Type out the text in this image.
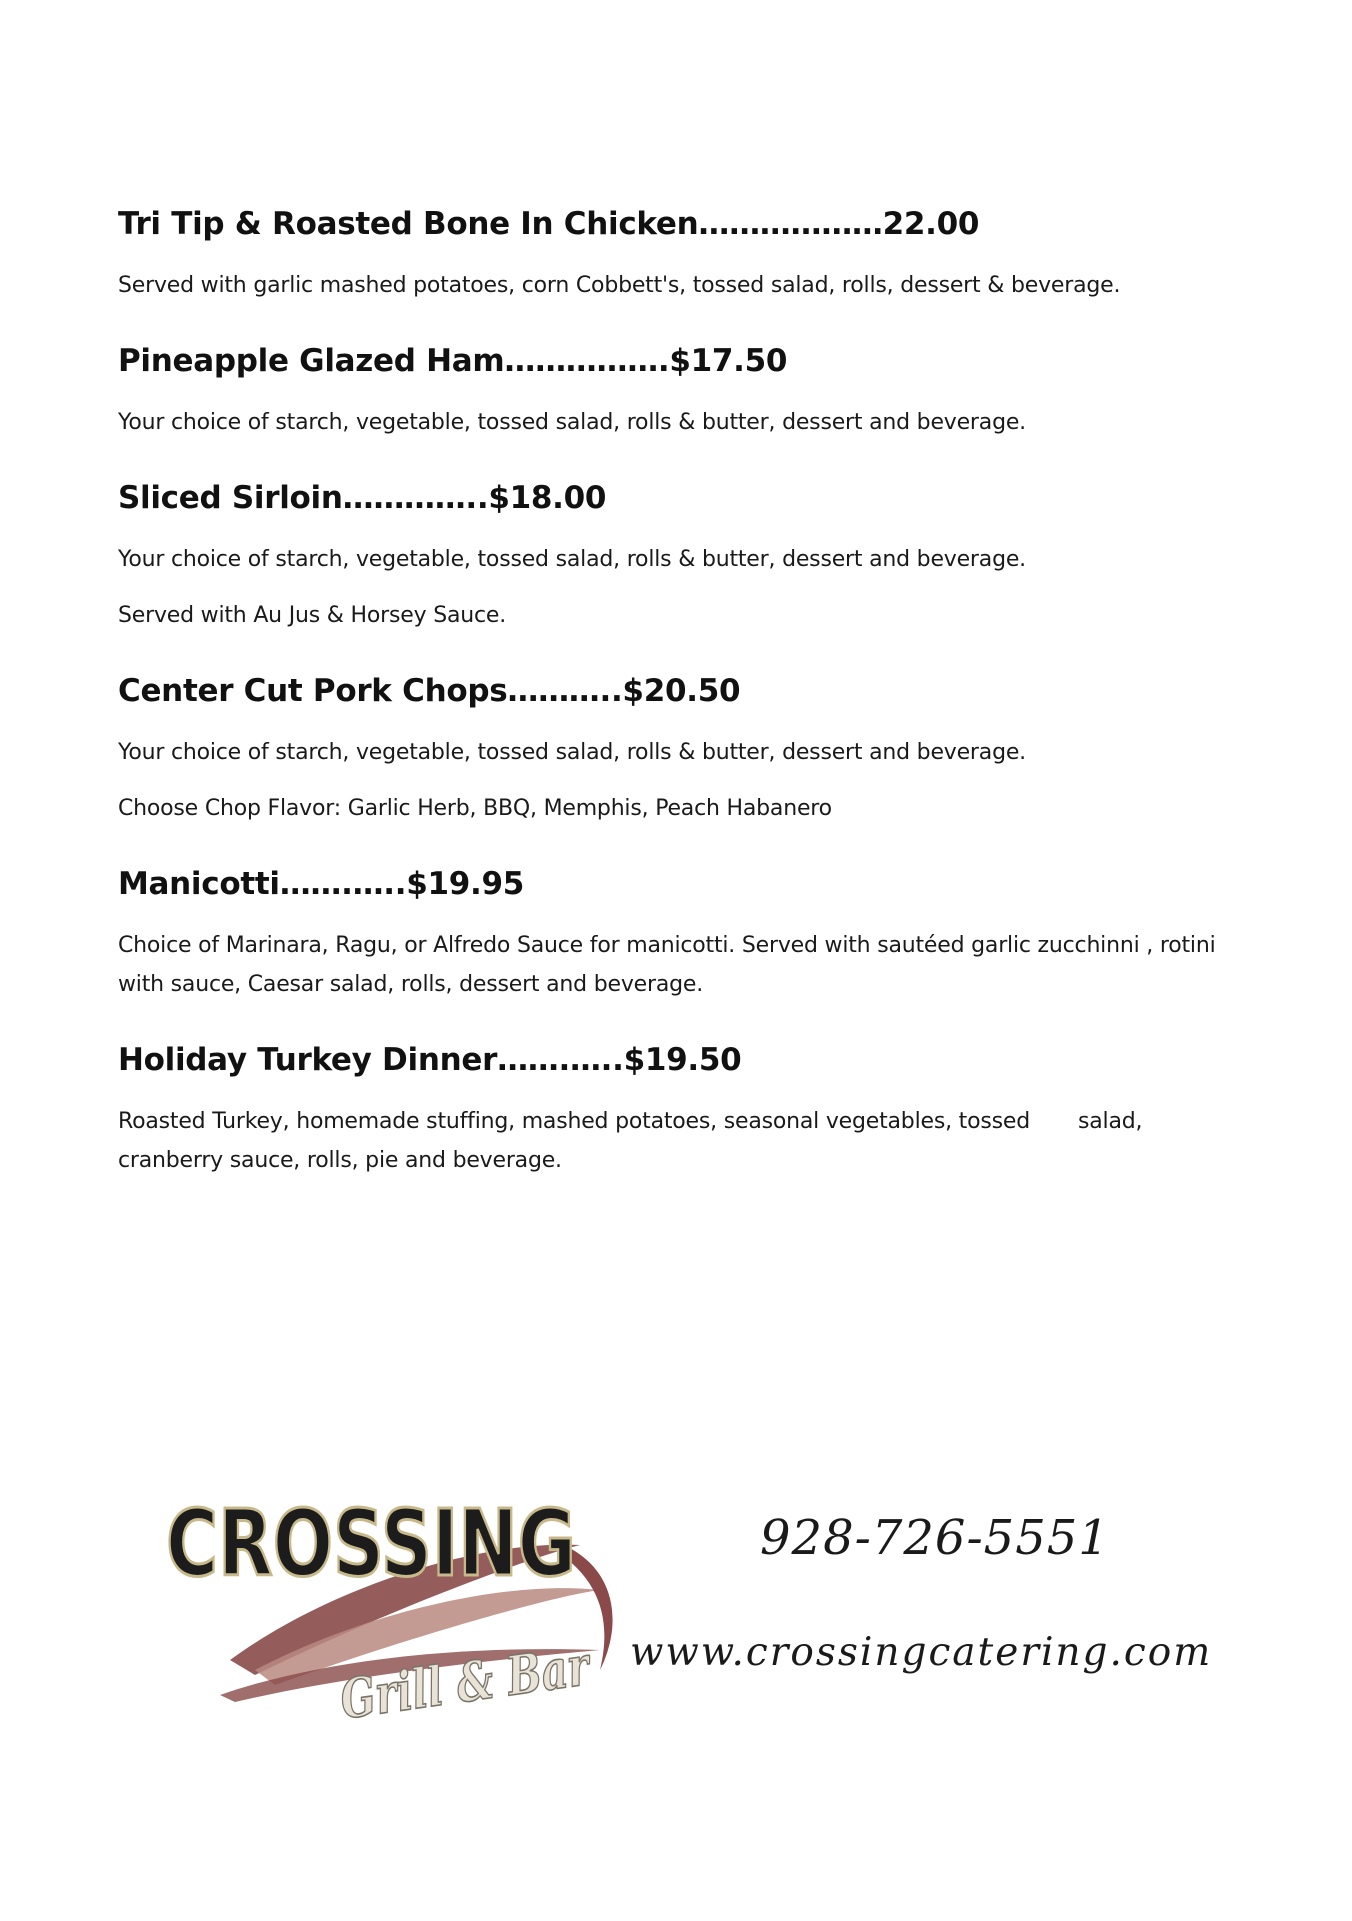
Tri Tip & Roasted Bone In Chicken………………22.00

Served with garlic mashed potatoes, corn Cobbett's, tossed salad, rolls, dessert & beverage.

Pineapple Glazed Ham…………….$17.50

Your choice of starch, vegetable, tossed salad, rolls & butter, dessert and beverage.

Sliced Sirloin…………..$18.00

Your choice of starch, vegetable, tossed salad, rolls & butter, dessert and beverage.

Served with Au Jus & Horsey Sauce.

Center Cut Pork Chops………..$20.50

Your choice of starch, vegetable, tossed salad, rolls & butter, dessert and beverage.

Choose Chop Flavor: Garlic Herb, BBQ, Memphis, Peach Habanero

Manicotti…….…..$19.95

Choice of Marinara, Ragu, or Alfredo Sauce for manicotti. Served with sautéed garlic zucchinni , rotini with sauce, Caesar salad, rolls, dessert and beverage.

Holiday Turkey Dinner…….…..$19.50

Roasted Turkey, homemade stuffing, mashed potatoes, seasonal vegetables, tossed salad, cranberry sauce, rolls, pie and beverage.

CROSSING
Grill & Bar
928-726-5551
www.crossingcatering.com
